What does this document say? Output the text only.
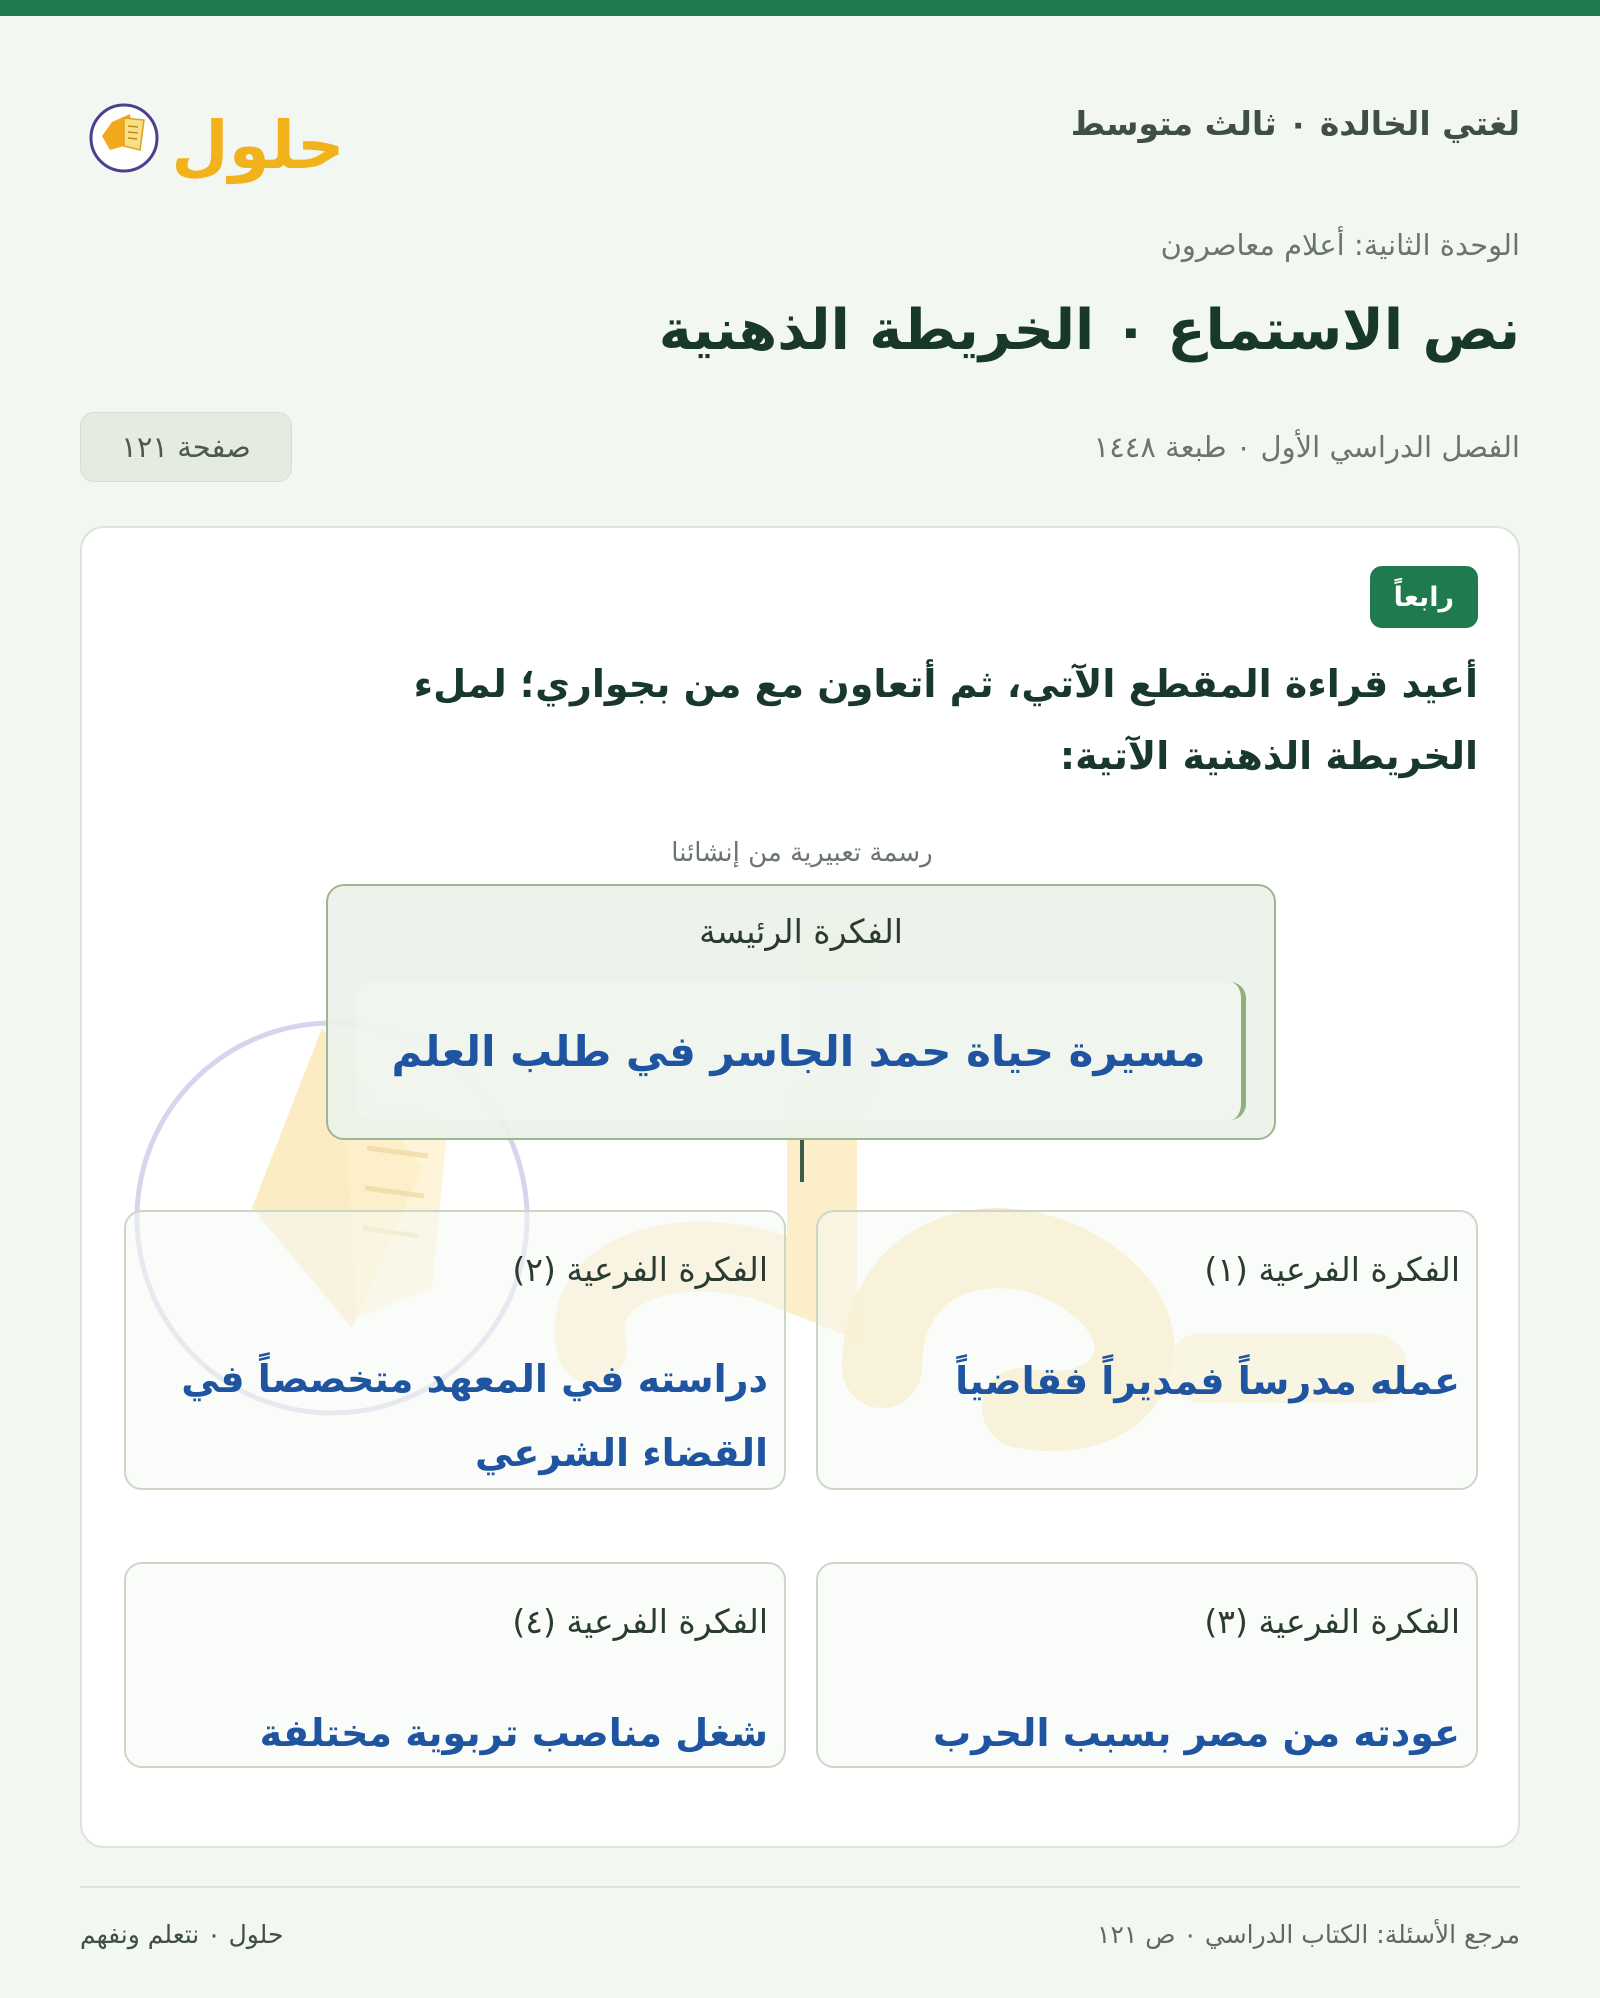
لغتي الخالدة ٠ ثالث متوسط
حلول
الوحدة الثانية: أعلام معاصرون
نص الاستماع ٠ الخريطة الذهنية
الفصل الدراسي الأول ٠ طبعة ١٤٤٨
صفحة ١٢١
رابعاً
أعيد قراءة المقطع الآتي، ثم أتعاون مع من بجواري؛ لملء الخريطة الذهنية الآتية:
رسمة تعبيرية من إنشائنا
الفكرة الرئيسة
مسيرة حياة حمد الجاسر في طلب العلم
الفكرة الفرعية (١)
عمله مدرساً فمديراً فقاضياً
الفكرة الفرعية (٢)
دراسته في المعهد متخصصاً في القضاء الشرعي
الفكرة الفرعية (٣)
عودته من مصر بسبب الحرب
الفكرة الفرعية (٤)
شغل مناصب تربوية مختلفة
مرجع الأسئلة: الكتاب الدراسي ٠ ص ١٢١
حلول ٠ نتعلم ونفهم
